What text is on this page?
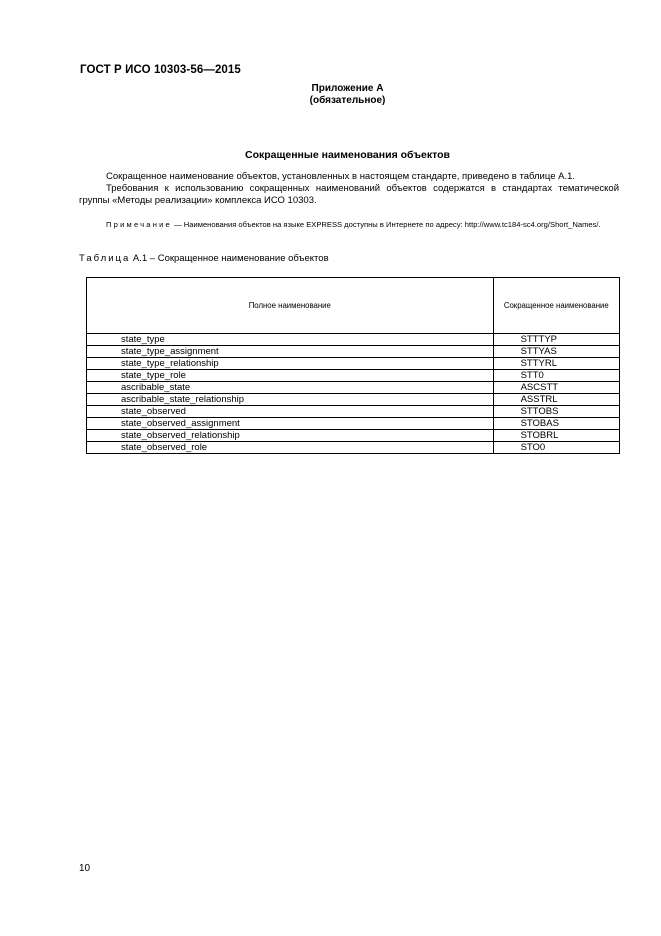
ГОСТ Р ИСО 10303-56—2015
Приложение А
(обязательное)
Сокращенные наименования объектов
Сокращенное наименование объектов, установленных в настоящем стандарте, приведено в таблице А.1.
Требования к использованию сокращенных наименований объектов содержатся в стандартах тематической группы «Методы реализации» комплекса ИСО 10303.
Примечание — Наименования объектов на языке EXPRESS доступны в Интернете по адресу: http://www.tc184-sc4.org/Short_Names/.
Таблица А.1 – Сокращенное наименование объектов
Полное наименование	Сокращенное наименование
state_type	STTTYP
state_type_assignment	STTYAS
state_type_relationship	STTYRL
state_type_role	STT0
ascribable_state	ASCSTT
ascribable_state_relationship	ASSTRL
state_observed	STTOBS
state_observed_assignment	STOBAS
state_observed_relationship	STOBRL
state_observed_role	STO0
10
